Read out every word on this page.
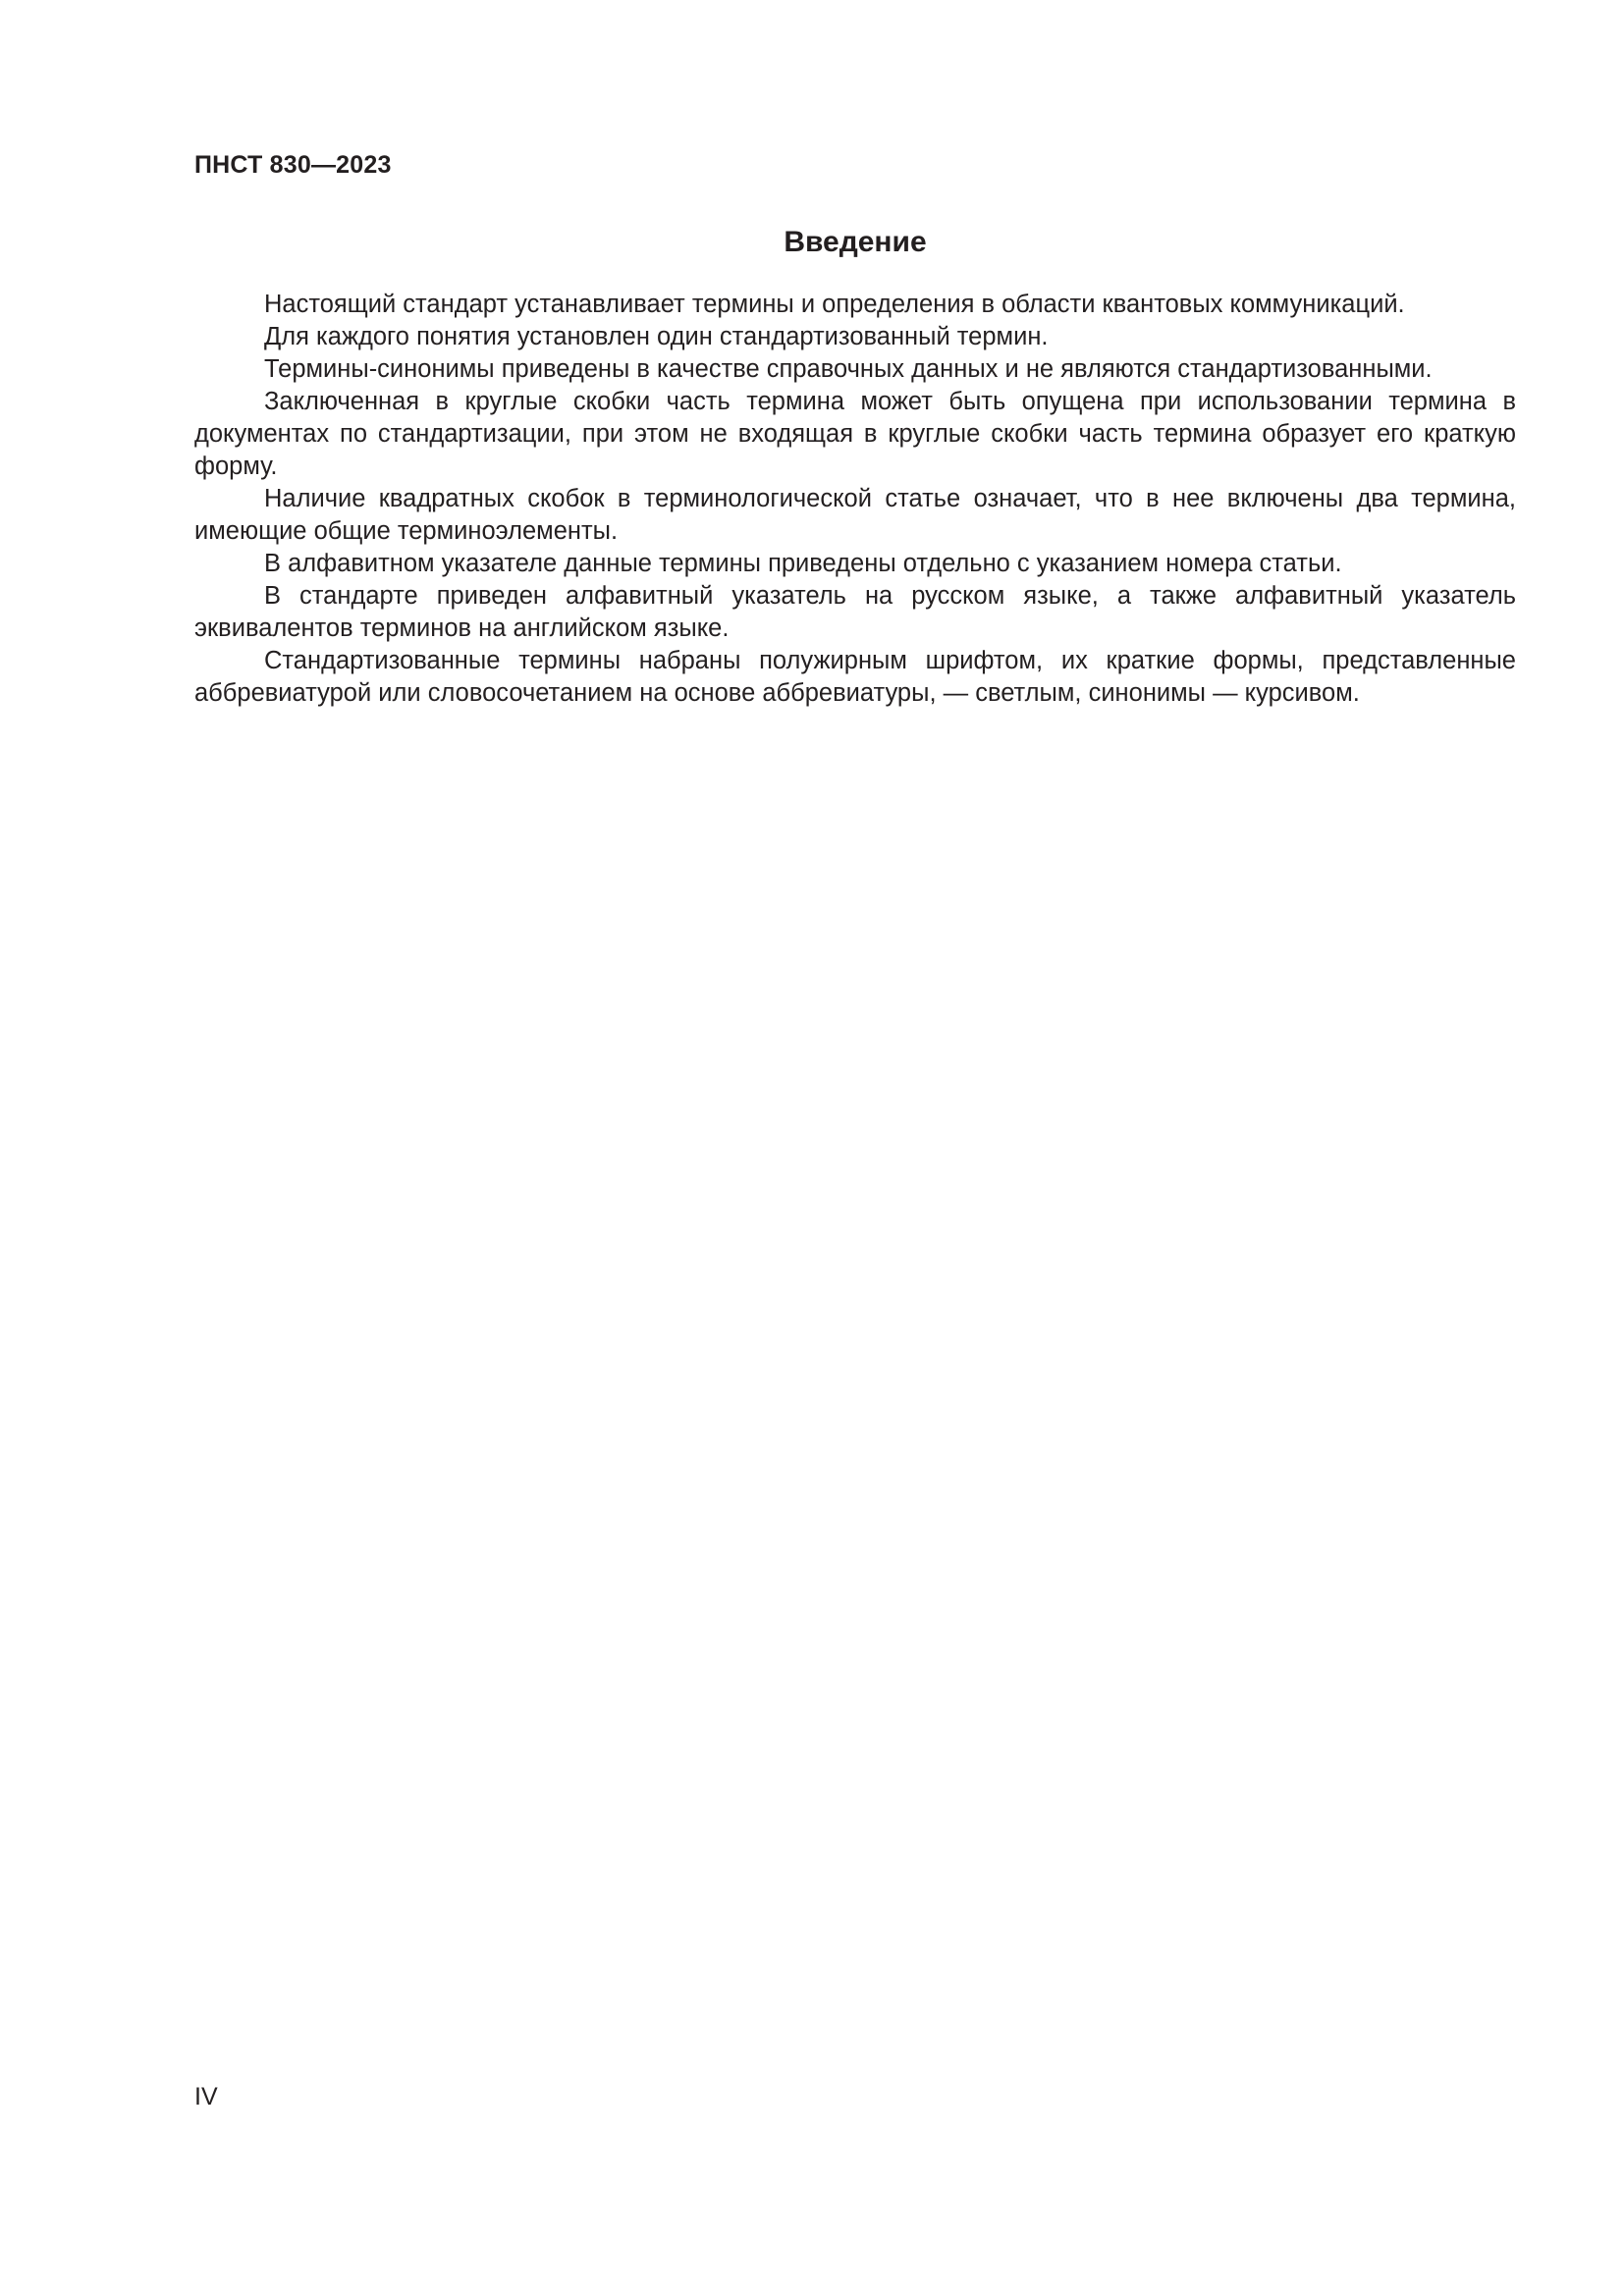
ПНСТ 830—2023
Введение

Настоящий стандарт устанавливает термины и определения в области квантовых коммуникаций.

Для каждого понятия установлен один стандартизованный термин.

Термины-синонимы приведены в качестве справочных данных и не являются стандартизованными.

Заключенная в круглые скобки часть термина может быть опущена при использовании термина в документах по стандартизации, при этом не входящая в круглые скобки часть термина образует его краткую форму.

Наличие квадратных скобок в терминологической статье означает, что в нее включены два термина, имеющие общие терминоэлементы.

В алфавитном указателе данные термины приведены отдельно с указанием номера статьи.

В стандарте приведен алфавитный указатель на русском языке, а также алфавитный указатель эквивалентов терминов на английском языке.

Стандартизованные термины набраны полужирным шрифтом, их краткие формы, представленные аббревиатурой или словосочетанием на основе аббревиатуры, — светлым, синонимы — курсивом.

IV
